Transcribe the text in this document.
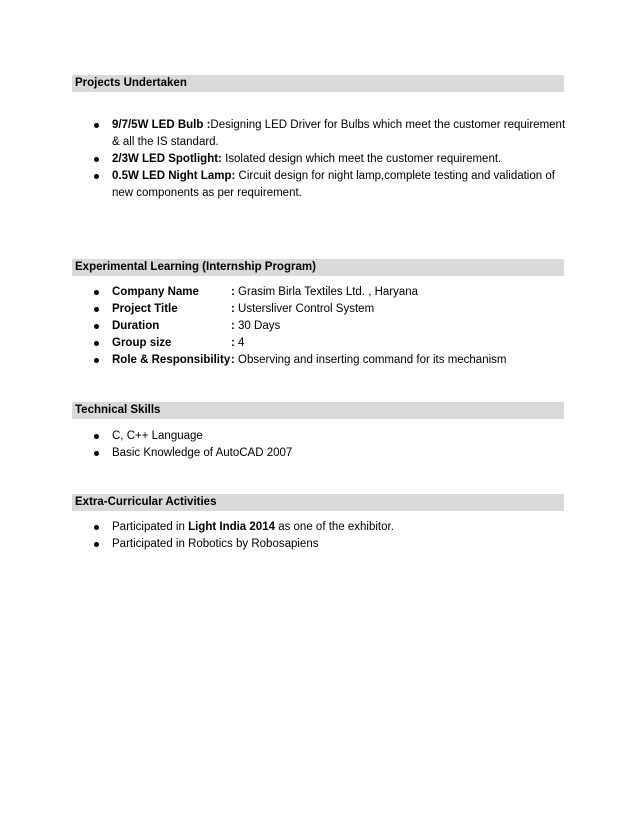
Projects Undertaken
9/7/5W LED Bulb :Designing LED Driver for Bulbs which meet the customer requirement
& all the IS standard.
2/3W LED Spotlight: Isolated design which meet the customer requirement.
0.5W LED Night Lamp: Circuit design for night lamp,complete testing and validation of
new components as per requirement.
Experimental Learning (Internship Program)
Company Name	: Grasim Birla Textiles Ltd. , Haryana
Project Title	: Ustersliver Control System
Duration	: 30 Days
Group size	: 4
Role & Responsibility: Observing and inserting command for its mechanism
Technical Skills
C, C++ Language
Basic Knowledge of AutoCAD 2007
Extra-Curricular Activities
Participated in Light India 2014 as one of the exhibitor.
Participated in Robotics by Robosapiens
